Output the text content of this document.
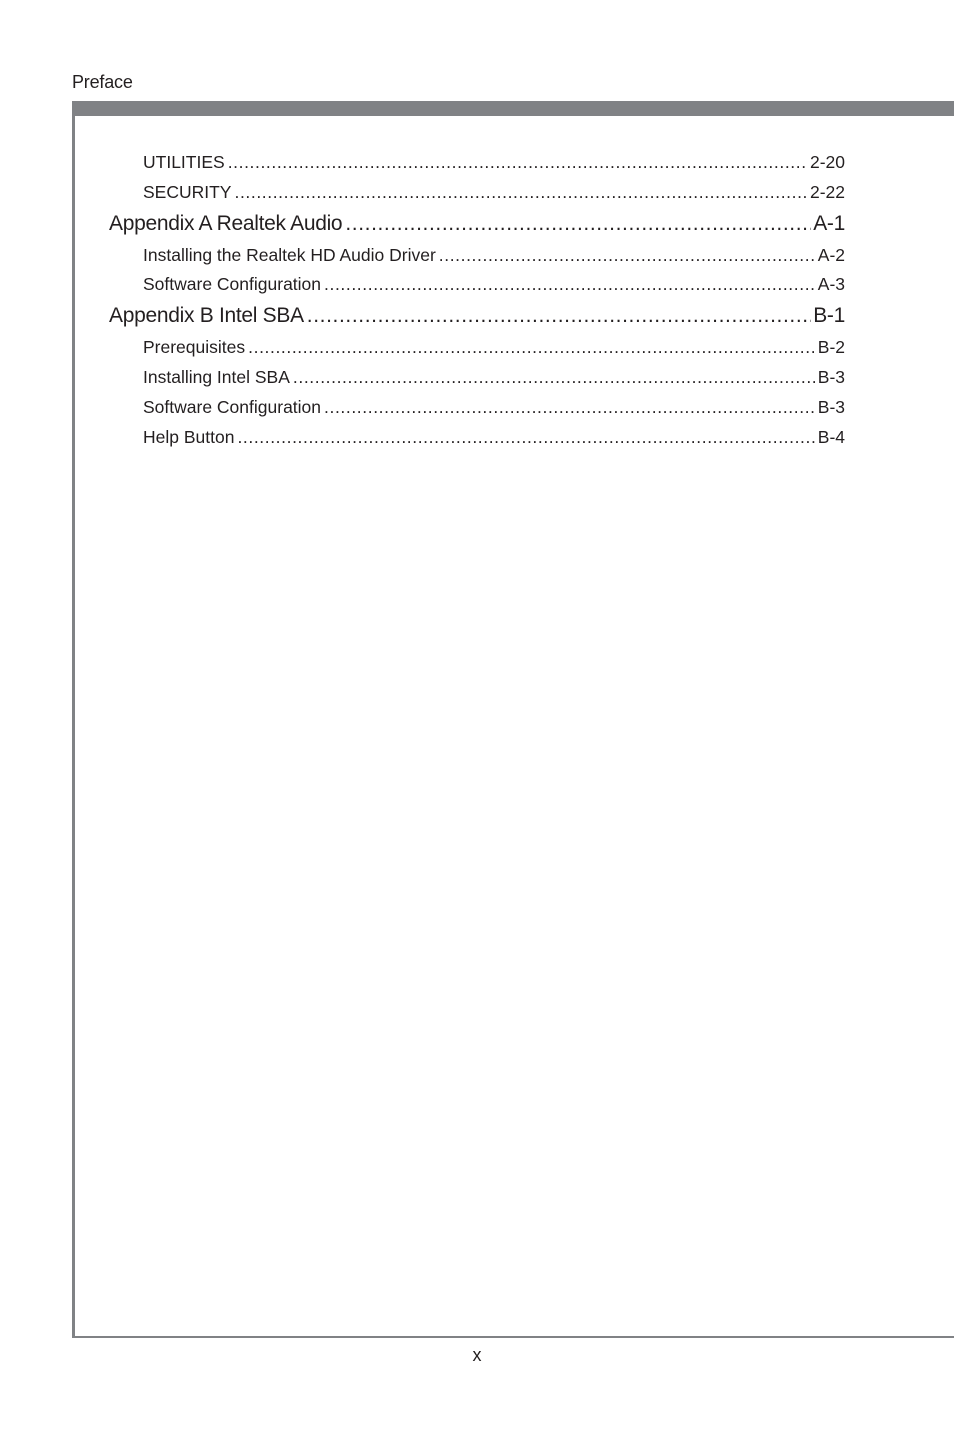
Preface
UTILITIES .....	2-20
SECURITY .....	2-22
Appendix A Realtek Audio .....	A-1
Installing the Realtek HD Audio Driver .....	A-2
Software Configuration .....	A-3
Appendix B Intel SBA .....	B-1
Prerequisites .....	B-2
Installing Intel SBA .....	B-3
Software Configuration .....	B-3
Help Button .....	B-4
x
